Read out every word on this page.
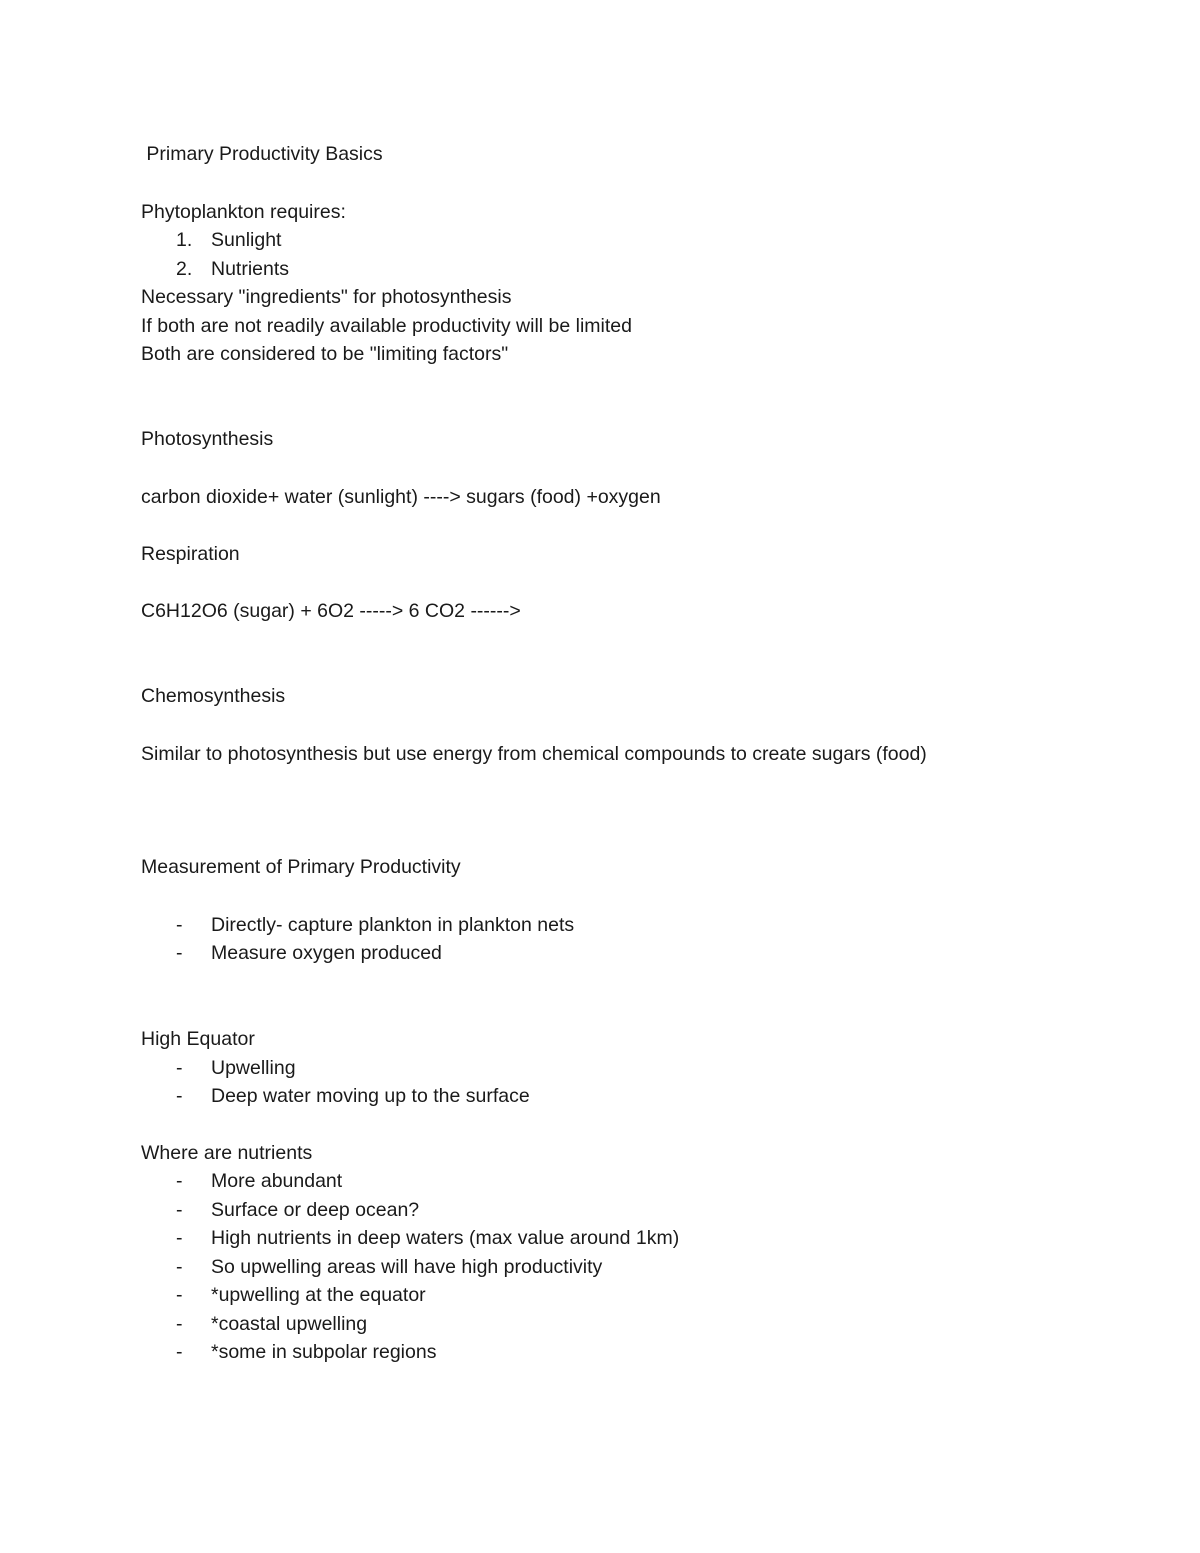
Primary Productivity Basics
Phytoplankton requires:
1. Sunlight
2. Nutrients
Necessary "ingredients" for photosynthesis
If both are not readily available productivity will be limited
Both are considered to be "limiting factors"
Photosynthesis
carbon dioxide+ water (sunlight) ----> sugars (food) +oxygen
Respiration
C6H12O6 (sugar) + 6O2 -----> 6 CO2 ------>
Chemosynthesis
Similar to photosynthesis but use energy from chemical compounds to create sugars (food)
Measurement of Primary Productivity
- Directly- capture plankton in plankton nets
- Measure oxygen produced
High Equator
- Upwelling
- Deep water moving up to the surface
Where are nutrients
- More abundant
- Surface or deep ocean?
- High nutrients in deep waters (max value around 1km)
- So upwelling areas will have high productivity
- *upwelling at the equator
- *coastal upwelling
- *some in subpolar regions
